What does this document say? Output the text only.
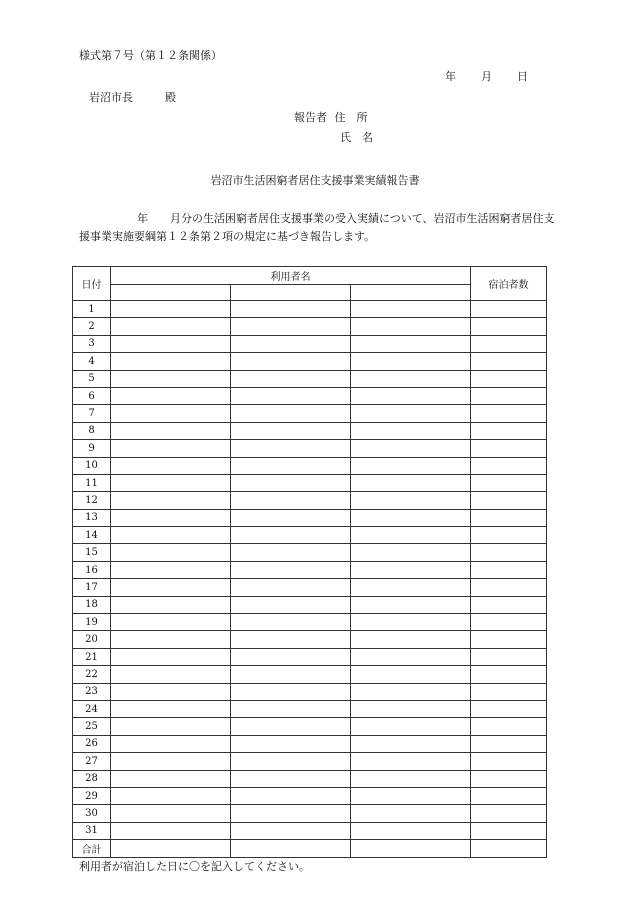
様式第７号（第１２条関係）
年 月 日
岩沼市長	殿
報告者 住　所
氏　名
岩沼市生活困窮者居住支援事業実績報告書
年 月分の生活困窮者居住支援事業の受入実績について、岩沼市生活困窮者居住支援事業実施要綱第１２条第２項の規定に基づき報告します。
日付	利用者名			宿泊者数

1				
2				
3				
4				
5				
6				
7				
8				
9				
10				
11				
12				
13				
14				
15				
16				
17				
18				
19				
20				
21				
22				
23				
24				
25				
26				
27				
28				
29				
30				
31				
合計				
利用者が宿泊した日に〇を記入してください。
